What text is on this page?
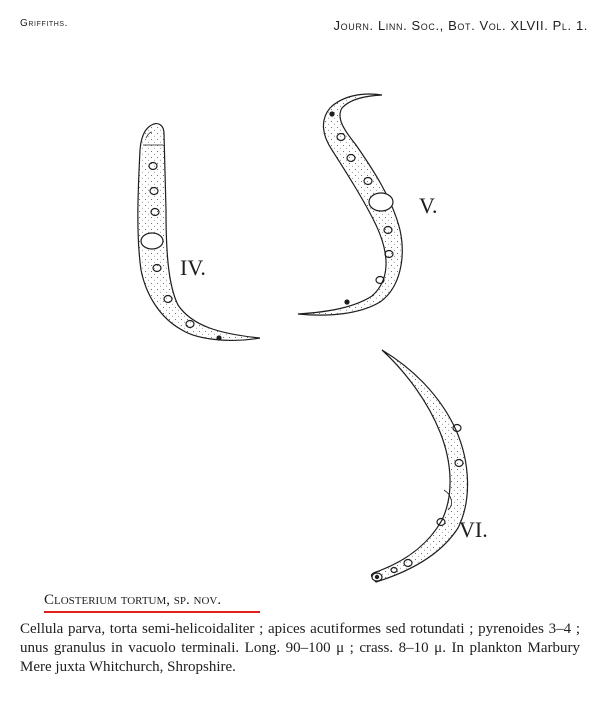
Griffiths.	Journ. Linn. Soc., Bot. Vol. XLVII. Pl. 1.
IV.
V.
VI.
Closterium tortum, sp. nov.

Cellula parva, torta semi-helicoidaliter ; apices acutiformes sed rotundati ; pyrenoides 3–4 ; unus granulus in vacuolo terminali. Long. 90–100 μ ; crass. 8–10 μ. In plankton Marbury Mere juxta Whitchurch, Shropshire.
